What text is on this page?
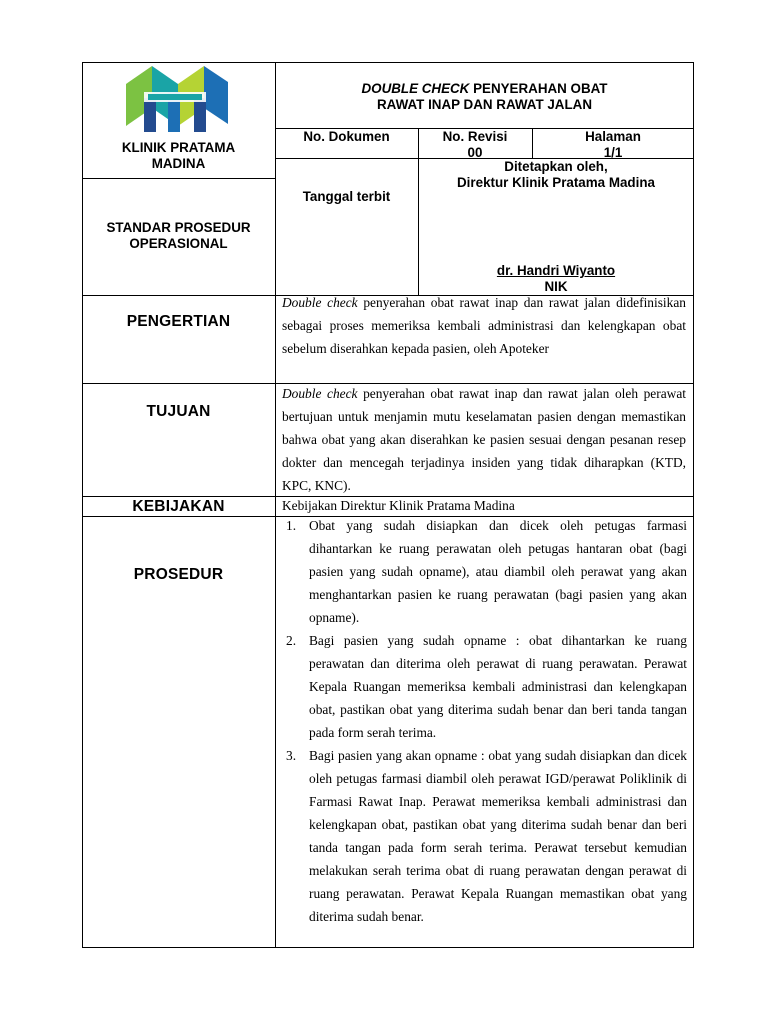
KLINIK PRATAMA
MADINA
DOUBLE CHECK PENYERAHAN OBAT
RAWAT INAP DAN RAWAT JALAN
No. Dokumen	No. Revisi
00
Halaman
1/1
STANDAR PROSEDUR
OPERASIONAL
Tanggal terbit
Ditetapkan oleh,
Direktur Klinik Pratama Madina
dr. Handri Wiyanto
NIK
PENGERTIAN
Double check penyerahan obat rawat inap dan rawat jalan didefinisikan sebagai proses memeriksa kembali administrasi dan kelengkapan obat sebelum diserahkan kepada pasien, oleh Apoteker
TUJUAN
Double check penyerahan obat rawat inap dan rawat jalan oleh perawat bertujuan untuk menjamin mutu keselamatan pasien dengan memastikan bahwa obat yang akan diserahkan ke pasien sesuai dengan pesanan resep dokter dan mencegah terjadinya insiden yang tidak diharapkan (KTD, KPC, KNC).
KEBIJAKAN	Kebijakan Direktur Klinik Pratama Madina
PROSEDUR
1. Obat yang sudah disiapkan dan dicek oleh petugas farmasi dihantarkan ke ruang perawatan oleh petugas hantaran obat (bagi pasien yang sudah opname), atau diambil oleh perawat yang akan menghantarkan pasien ke ruang perawatan (bagi pasien yang akan opname).
2. Bagi pasien yang sudah opname : obat dihantarkan ke ruang perawatan dan diterima oleh perawat di ruang perawatan. Perawat Kepala Ruangan memeriksa kembali administrasi dan kelengkapan obat, pastikan obat yang diterima sudah benar dan beri tanda tangan pada form serah terima.
3. Bagi pasien yang akan opname : obat yang sudah disiapkan dan dicek oleh petugas farmasi diambil oleh perawat IGD/perawat Poliklinik di Farmasi Rawat Inap. Perawat memeriksa kembali administrasi dan kelengkapan obat, pastikan obat yang diterima sudah benar dan beri tanda tangan pada form serah terima. Perawat tersebut kemudian melakukan serah terima obat di ruang perawatan dengan perawat di ruang perawatan. Perawat Kepala Ruangan memastikan obat yang diterima sudah benar.
